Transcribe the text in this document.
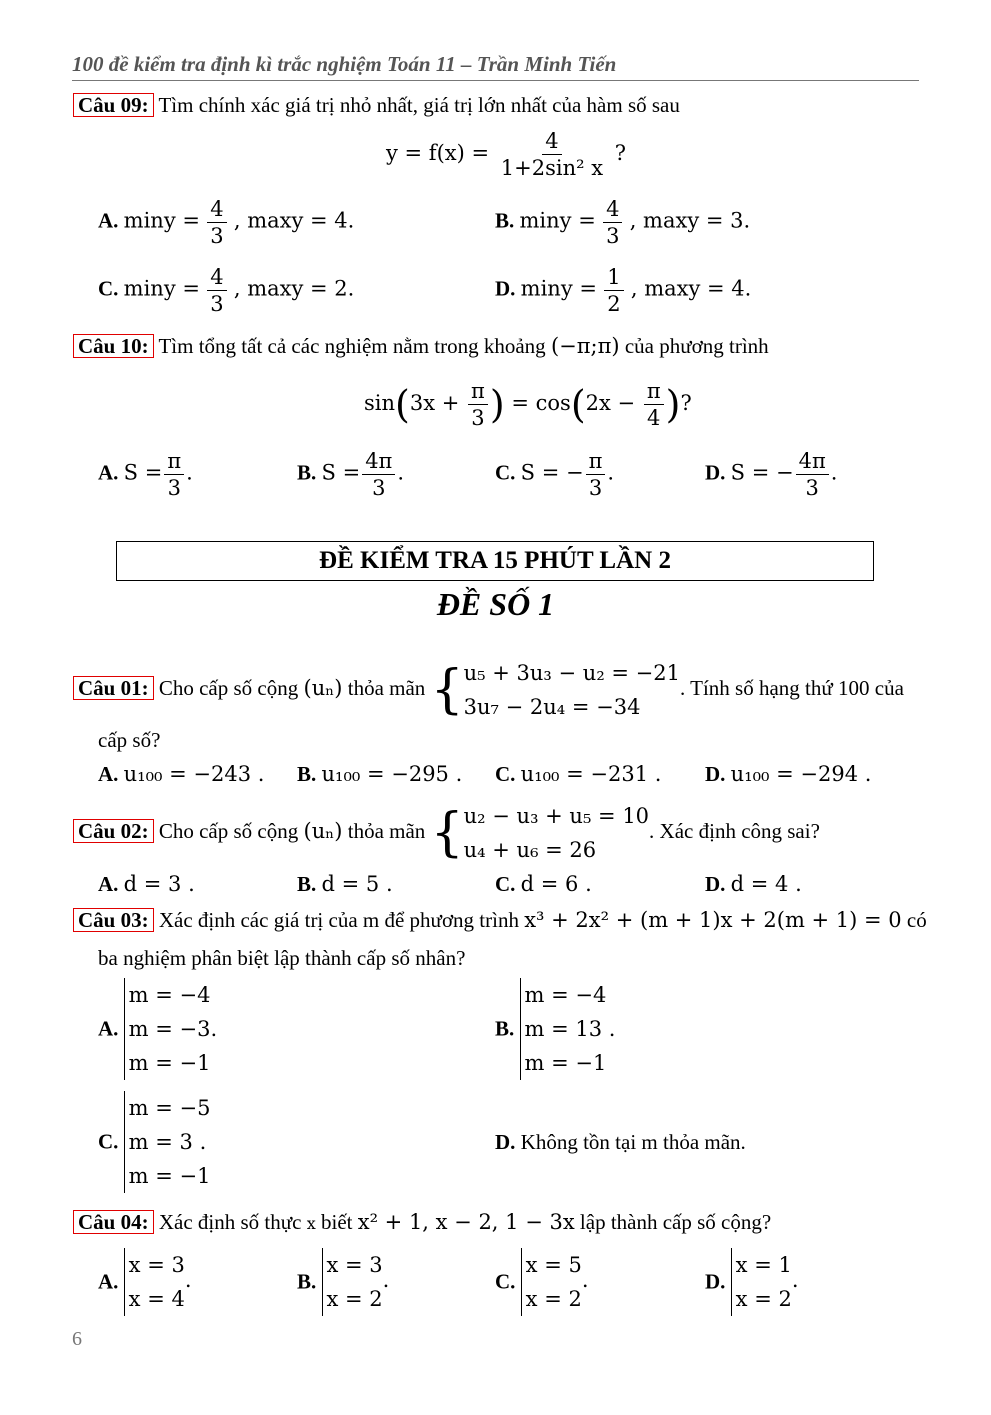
100 đề kiểm tra định kì trắc nghiệm Toán 11 – Trần Minh Tiến
Câu 09: Tìm chính xác giá trị nhỏ nhất, giá trị lớn nhất của hàm số sau
$y = f(x) = \frac{4}{\text{1+2sin² x}}$ ?
A. $\min y = \frac{4}{3}$ , maxy = 4.	B. $\min y = \frac{4}{3}$ , maxy = 3.
C. $\min y = \frac{4}{3}$ , maxy = 2.	D. $\min y = \frac{1}{2}$ , maxy = 4.
Câu 10: Tìm tổng tất cả các nghiệm nằm trong khoảng (−π;π) của phương trình
$\sin(3x + \frac{\pi}{3}$ ) = $\cos(2x - \frac{\pi}{4}$ )?
A. $S = \frac{\pi}{3}$ .	B. $S = \frac{4\pi}{3}$ .	C. S = − $\frac{\pi}{3}$ .	D. S = − $\frac{4\pi}{3}$ .
ĐỀ KIỂM TRA 15 PHÚT LẦN 2
ĐỀ SỐ 1
Câu 01: Cho cấp số cộng (uₙ) thỏa mãn { u₅ + 3u₃ − u₂ = −21
3u₇ − 2u₄ = −34
. Tính số hạng thứ 100 của
cấp số?
A. u₁₀₀ = −243 . B. u₁₀₀ = −295 . C. u₁₀₀ = −231 . D. u₁₀₀ = −294 .
Câu 02: Cho cấp số cộng (uₙ) thỏa mãn { u₂ − u₃ + u₅ = 10
u₄ + u₆ = 26
. Xác định công sai?
A. d = 3 .	B. d = 5 .	C. d = 6 .	D. d = 4 .
Câu 03: Xác định các giá trị của m để phương trình x³ + 2x² + (m + 1)x + 2(m + 1) = 0 có
ba nghiệm phân biệt lập thành cấp số nhân?
A.
m = −4
m = −3.
m = −1
B.
m = −4
m = 13 .
m = −1
C.
m = −5
m = 3 .
m = −1
D. Không tồn tại m thỏa mãn.
Câu 04: Xác định số thực x biết x² + 1, x − 2, 1 − 3x lập thành cấp số cộng?
A.
x = 3
x = 4
.	B.
x = 3
x = 2
.	C.
x = 5
x = 2
.	D.
x = 1
x = 2
.
6
